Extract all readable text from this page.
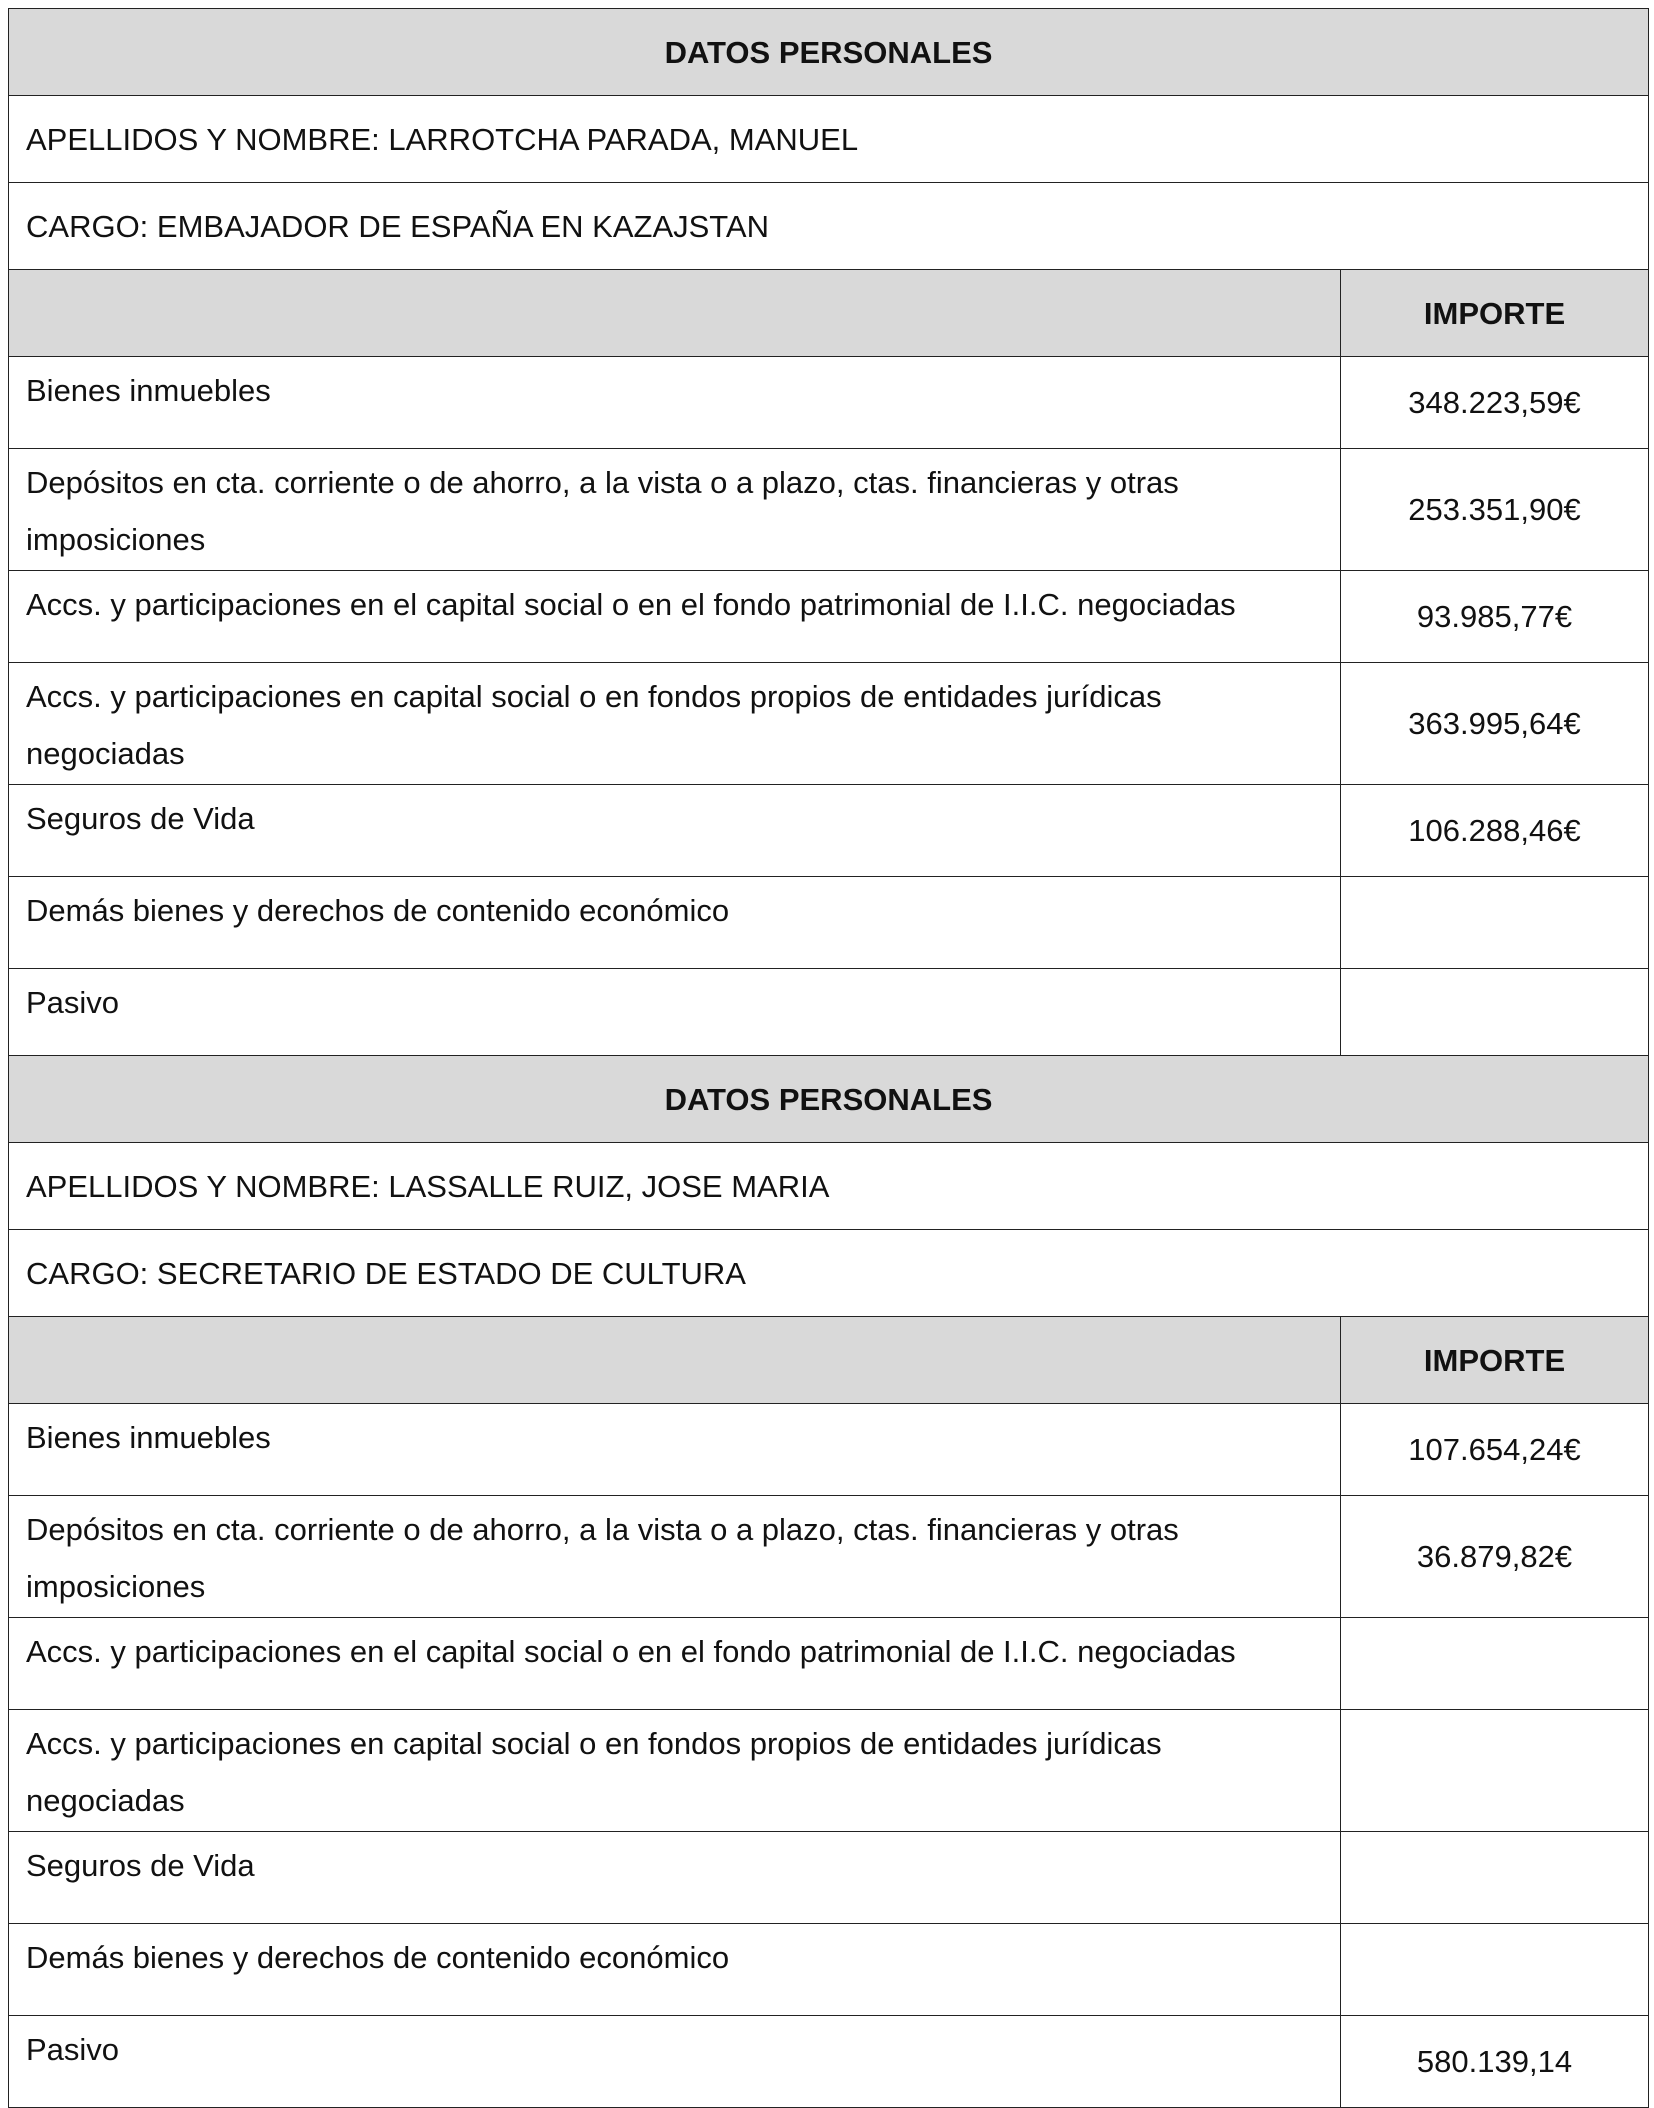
DATOS PERSONALES	
APELLIDOS Y NOMBRE: LARROTCHA PARADA, MANUEL	
CARGO: EMBAJADOR DE ESPAÑA EN KAZAJSTAN	
	IMPORTE
Bienes inmuebles	348.223,59€
Depósitos en cta. corriente o de ahorro, a la vista o a plazo, ctas. financieras y otras imposiciones	253.351,90€
Accs. y participaciones en el capital social o en el fondo patrimonial de I.I.C. negociadas	93.985,77€
Accs. y participaciones en capital social o en fondos propios de entidades jurídicas negociadas	363.995,64€
Seguros de Vida	106.288,46€
Demás bienes y derechos de contenido económico	
Pasivo	
DATOS PERSONALES	
APELLIDOS Y NOMBRE: LASSALLE RUIZ, JOSE MARIA	
CARGO: SECRETARIO DE ESTADO DE CULTURA	
	IMPORTE
Bienes inmuebles	107.654,24€
Depósitos en cta. corriente o de ahorro, a la vista o a plazo, ctas. financieras y otras imposiciones	36.879,82€
Accs. y participaciones en el capital social o en el fondo patrimonial de I.I.C. negociadas	
Accs. y participaciones en capital social o en fondos propios de entidades jurídicas negociadas	
Seguros de Vida	
Demás bienes y derechos de contenido económico	
Pasivo	580.139,14
